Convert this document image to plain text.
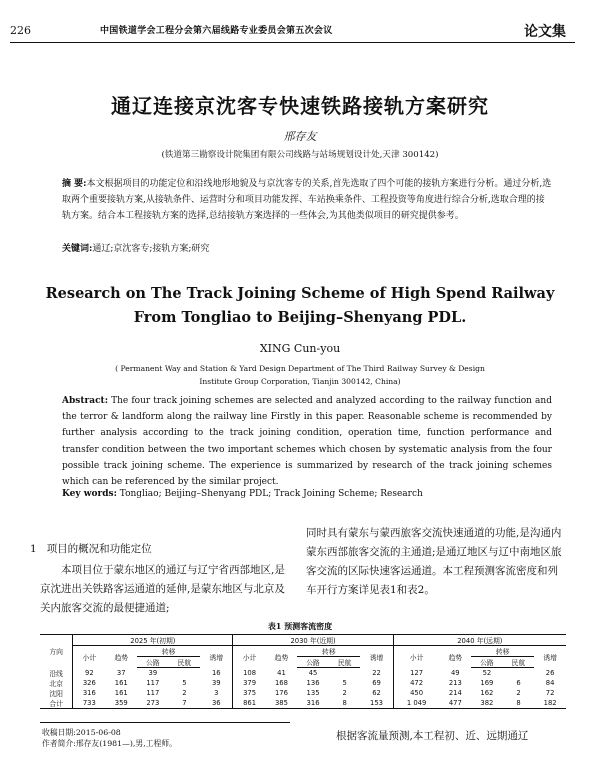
226	中国铁道学会工程分会第六届线路专业委员会第五次会议	论文集
通辽连接京沈客专快速铁路接轨方案研究
邢存友
(铁道第三勘察设计院集团有限公司线路与站场规划设计处,天津 300142)
摘 要:本文根据项目的功能定位和沿线地形地貌及与京沈客专的关系,首先选取了四个可能的接轨方案进行分析。通过分析,选取两个重要接轨方案,从接轨条件、运营时分和项目功能发挥、车站换乘条件、工程投资等角度进行综合分析,选取合理的接轨方案。结合本工程接轨方案的选择,总结接轨方案选择的一些体会,为其他类似项目的研究提供参考。
关键词:通辽;京沈客专;接轨方案;研究
Research on The Track Joining Scheme of High Spend Railway
From Tongliao to Beijing–Shenyang PDL.
XING Cun-you
( Permanent Way and Station & Yard Design Department of The Third Railway Survey & Design
Institute Group Corporation, Tianjin 300142, China)
Abstract: The four track joining schemes are selected and analyzed according to the railway function and the terror & landform along the railway line Firstly in this paper. Reasonable scheme is recommended by further analysis according to the track joining condition, operation time, function performance and transfer condition between the two important schemes which chosen by systematic analysis from the four possible track joining scheme. The experience is summarized by research of the track joining schemes which can be referenced by the similar project.
Key words: Tongliao; Beijing–Shenyang PDL; Track Joining Scheme; Research
1 项目的概况和功能定位

本项目位于蒙东地区的通辽与辽宁省西部地区,是京沈进出关铁路客运通道的延伸,是蒙东地区与北京及关内旅客交流的最便捷通道;

同时具有蒙东与蒙西旅客交流快速通道的功能,是沟通内蒙东西部旅客交流的主通道;是通辽地区与辽中南地区旅客交流的区际快速客运通道。本工程预测客流密度和列车开行方案详见表1和表2。

表1 预测客流密度
方向	2025 年(初期)					2030 年(近期)					2040 年(远期)				
	小计	趋势	转移		诱增	小计	趋势	转移		诱增	小计	趋势	转移		诱增
			公路	民航				公路	民航				公路	民航	
沿线	92	37	39		16	108	41	45		22	127	49	52		26
北京	326	161	117	5	39	379	168	136	5	69	472	213	169	6	84
沈阳	316	161	117	2	3	375	176	135	2	62	450	214	162	2	72
合计	733	359	273	7	36	861	385	316	8	153	1 049	477	382	8	182
收稿日期:2015-06-08
作者简介:邢存友(1981—),男,工程师。
根据客流量预测,本工程初、近、远期通辽
